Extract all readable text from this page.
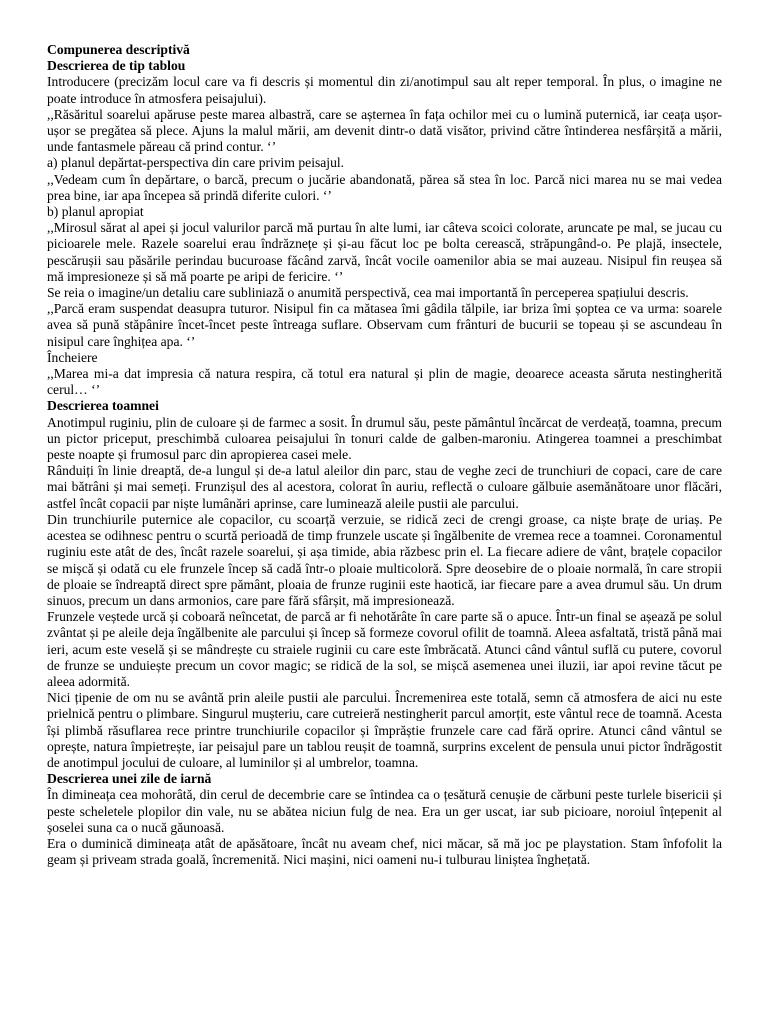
Compunerea descriptivă
Descrierea de tip tablou

Introducere (precizăm locul care va fi descris și momentul din zi/anotimpul sau alt reper temporal. În plus, o imagine ne poate introduce în atmosfera peisajului).

,,Răsăritul soarelui apăruse peste marea albastră, care se așternea în fața ochilor mei cu o lumină puternică, iar ceața ușor-ușor se pregătea să plece. Ajuns la malul mării, am devenit dintr-o dată visător, privind către întinderea nesfârșită a mării, unde fantasmele păreau că prind contur. ‘’

a) planul depărtat-perspectiva din care privim peisajul.

,,Vedeam cum în depărtare, o barcă, precum o jucărie abandonată, părea să stea în loc. Parcă nici marea nu se mai vedea prea bine, iar apa începea să prindă diferite culori. ‘’

b) planul apropiat

,,Mirosul sărat al apei și jocul valurilor parcă mă purtau în alte lumi, iar câteva scoici colorate, aruncate pe mal, se jucau cu picioarele mele. Razele soarelui erau îndrăznețe și și-au făcut loc pe bolta cerească, străpungând-o. Pe plajă, insectele, pescărușii sau păsările perindau bucuroase făcând zarvă, încât vocile oamenilor abia se mai auzeau. Nisipul fin reușea să mă impresioneze și să mă poarte pe aripi de fericire. ‘’

Se reia o imagine/un detaliu care subliniază o anumită perspectivă, cea mai importantă în perceperea spațiului descris.

,,Parcă eram suspendat deasupra tuturor. Nisipul fin ca mătasea îmi gâdila tălpile, iar briza îmi șoptea ce va urma: soarele avea să pună stăpânire încet-încet peste întreaga suflare. Observam cum frânturi de bucurii se topeau și se ascundeau în nisipul care înghițea apa. ‘’

Încheiere

,,Marea mi-a dat impresia că natura respira, că totul era natural și plin de magie, deoarece aceasta săruta nestingherită cerul… ‘’

Descrierea toamnei

Anotimpul ruginiu, plin de culoare și de farmec a sosit. În drumul său, peste pământul încărcat de verdeață, toamna, precum un pictor priceput, preschimbă culoarea peisajului în tonuri calde de galben-maroniu. Atingerea toamnei a preschimbat peste noapte și frumosul parc din apropierea casei mele.

Rânduiți în linie dreaptă, de-a lungul și de-a latul aleilor din parc, stau de veghe zeci de trunchiuri de copaci, care de care mai bătrâni și mai semeți. Frunzișul des al acestora, colorat în auriu, reflectă o culoare gălbuie asemănătoare unor flăcări, astfel încât copacii par niște lumânări aprinse, care luminează aleile pustii ale parcului.

Din trunchiurile puternice ale copacilor, cu scoarță verzuie, se ridică zeci de crengi groase, ca niște brațe de uriaș. Pe acestea se odihnesc pentru o scurtă perioadă de timp frunzele uscate și îngălbenite de vremea rece a toamnei. Coronamentul ruginiu este atât de des, încât razele soarelui, și așa timide, abia răzbesc prin el. La fiecare adiere de vânt, brațele copacilor se mișcă și odată cu ele frunzele încep să cadă într-o ploaie multicoloră. Spre deosebire de o ploaie normală, în care stropii de ploaie se îndreaptă direct spre pământ, ploaia de frunze ruginii este haotică, iar fiecare pare a avea drumul său. Un drum sinuos, precum un dans armonios, care pare fără sfârșit, mă impresionează.

Frunzele veștede urcă și coboară neîncetat, de parcă ar fi nehotărâte în care parte să o apuce. Într-un final se așează pe solul zvântat și pe aleile deja îngălbenite ale parcului și încep să formeze covorul ofilit de toamnă. Aleea asfaltată, tristă până mai ieri, acum este veselă și se mândrește cu straiele ruginii cu care este îmbrăcată. Atunci când vântul suflă cu putere, covorul de frunze se unduiește precum un covor magic; se ridică de la sol, se mișcă asemenea unei iluzii, iar apoi revine tăcut pe aleea adormită.

Nici țipenie de om nu se avântă prin aleile pustii ale parcului. Încremenirea este totală, semn că atmosfera de aici nu este prielnică pentru o plimbare. Singurul mușteriu, care cutreieră nestingherit parcul amorțit, este vântul rece de toamnă. Acesta își plimbă răsuflarea rece printre trunchiurile copacilor și împrăștie frunzele care cad fără oprire. Atunci când vântul se oprește, natura împietrește, iar peisajul pare un tablou reușit de toamnă, surprins excelent de pensula unui pictor îndrăgostit de anotimpul jocului de culoare, al luminilor și al umbrelor, toamna.

Descrierea unei zile de iarnă

În dimineața cea mohorâtă, din cerul de decembrie care se întindea ca o țesătură cenușie de cărbuni peste turlele bisericii și peste scheletele plopilor din vale, nu se abătea niciun fulg de nea. Era un ger uscat, iar sub picioare, noroiul înțepenit al șoselei suna ca o nucă găunoasă.

Era o duminică dimineața atât de apăsătoare, încât nu aveam chef, nici măcar, să mă joc pe playstation. Stam înfofolit la geam și priveam strada goală, încremenită. Nici mașini, nici oameni nu-i tulburau liniștea înghețată.
